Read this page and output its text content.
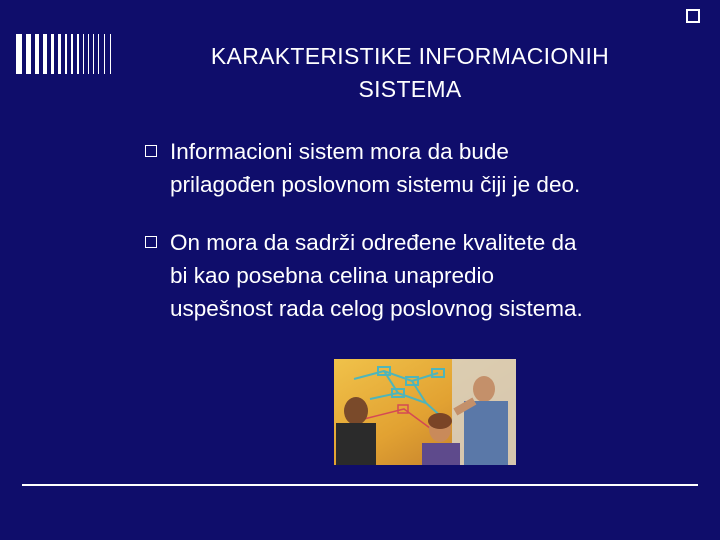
KARAKTERISTIKE INFORMACIONIH
SISTEMA
Informacioni sistem mora da bude
prilagođen poslovnom sistemu čiji je deo.
On mora da sadrži određene kvalitete da
bi kao posebna celina unapredio
uspešnost rada celog poslovnog sistema.
